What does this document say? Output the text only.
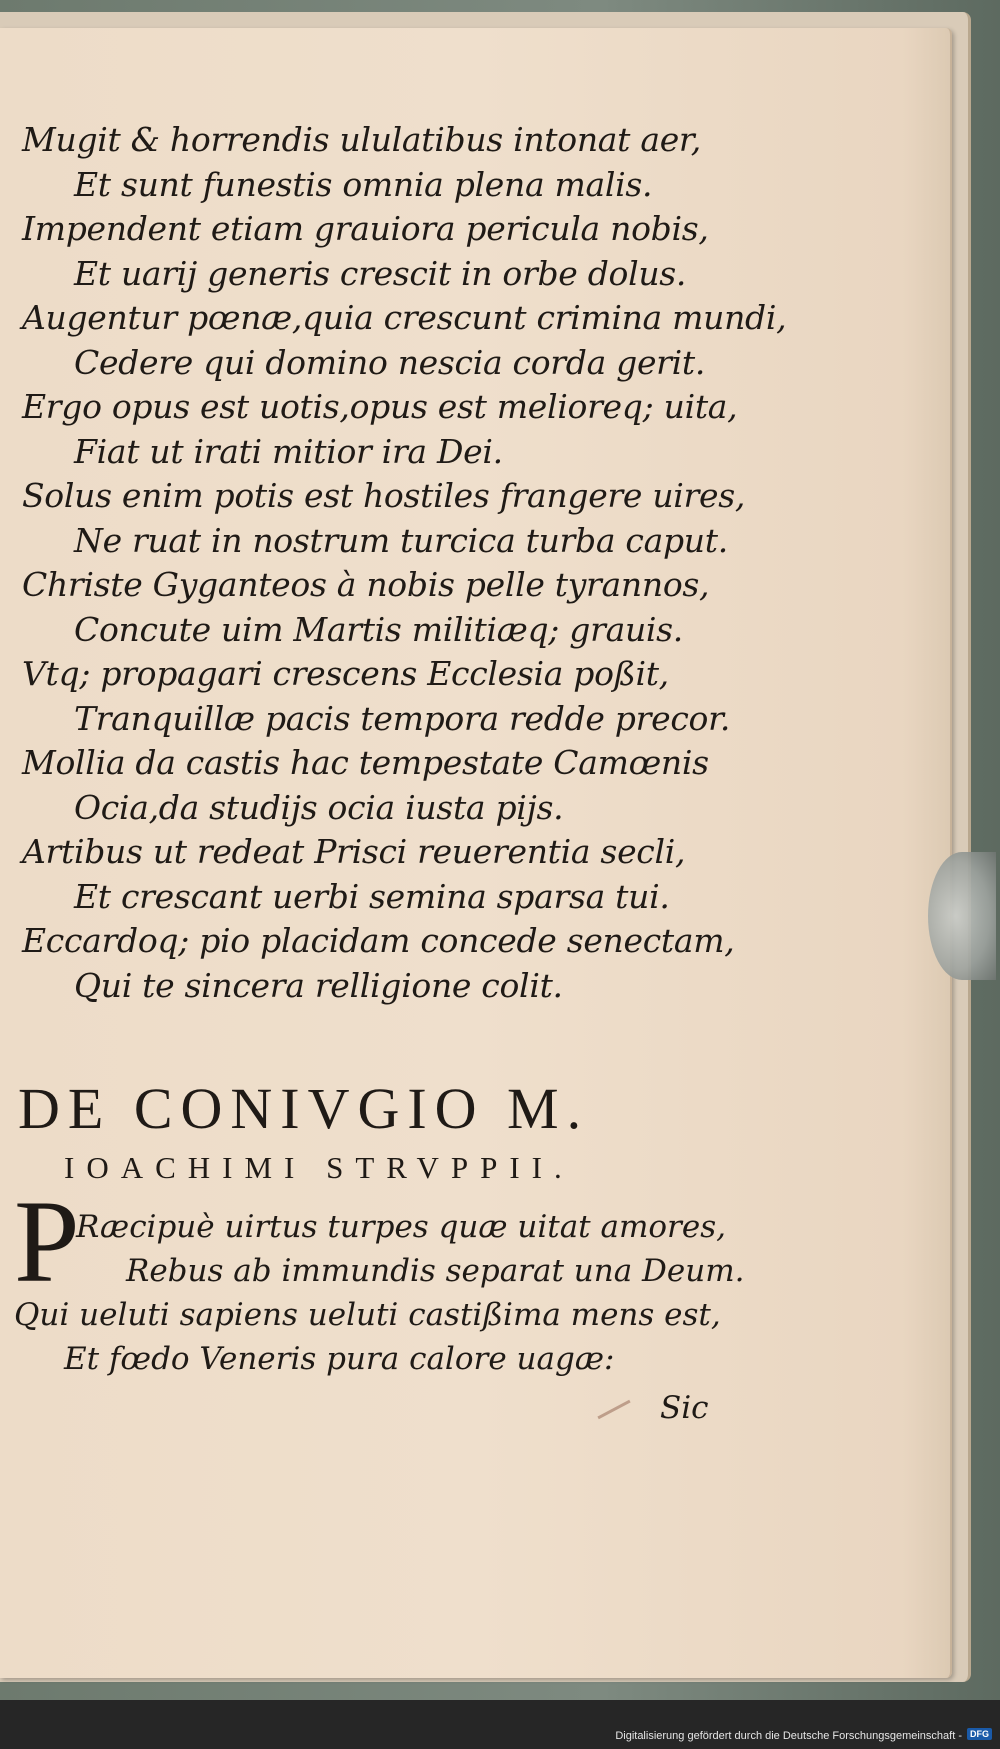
Mugit & horrendis ululatibus intonat aer,
Et sunt funestis omnia plena malis.
Impendent etiam grauiora pericula nobis,
Et uarij generis crescit in orbe dolus.
Augentur pœnæ,quia crescunt crimina mundi,
Cedere qui domino nescia corda gerit.
Ergo opus est uotis,opus est melioreq; uita,
Fiat ut irati mitior ira Dei.
Solus enim potis est hostiles frangere uires,
Ne ruat in nostrum turcica turba caput.
Christe Gyganteos à nobis pelle tyrannos,
Concute uim Martis militiæq; grauis.
Vtq; propagari crescens Ecclesia poßit,
Tranquillæ pacis tempora redde precor.
Mollia da castis hac tempestate Camœnis
Ocia,da studijs ocia iusta pijs.
Artibus ut redeat Prisci reuerentia secli,
Et crescant uerbi semina sparsa tui.
Eccardoq; pio placidam concede senectam,
Qui te sincera relligione colit.
DE CONIVGIO M.
IOACHIMI STRVPPII.
P
Ræcipuè uirtus turpes quæ uitat amores,
Rebus ab immundis separat una Deum.
Qui ueluti sapiens ueluti castißima mens est,
Et fœdo Veneris pura calore uagæ:
Sic
Digitalisierung gefördert durch die Deutsche Forschungsgemeinschaft - DFG
